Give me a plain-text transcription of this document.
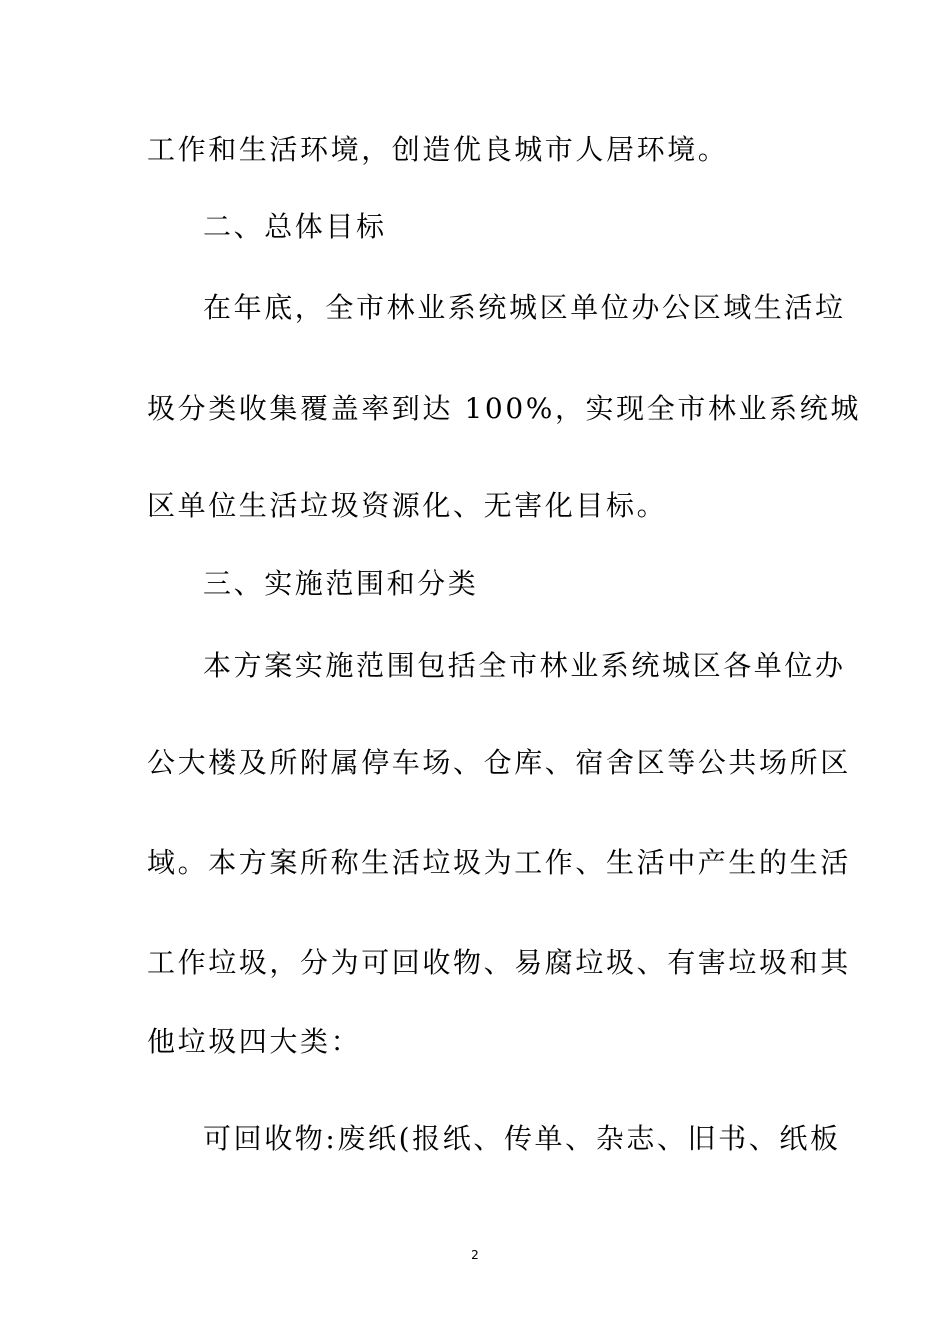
工作和生活环境，创造优良城市人居环境。
二、总体目标
在年底，全市林业系统城区单位办公区域生活垃
圾分类收集覆盖率到达 100%，实现全市林业系统城
区单位生活垃圾资源化、无害化目标。
三、实施范围和分类
本方案实施范围包括全市林业系统城区各单位办
公大楼及所附属停车场、仓库、宿舍区等公共场所区
域。本方案所称生活垃圾为工作、生活中产生的生活
工作垃圾，分为可回收物、易腐垃圾、有害垃圾和其
他垃圾四大类：
可回收物:废纸(报纸、传单、杂志、旧书、纸板
2
